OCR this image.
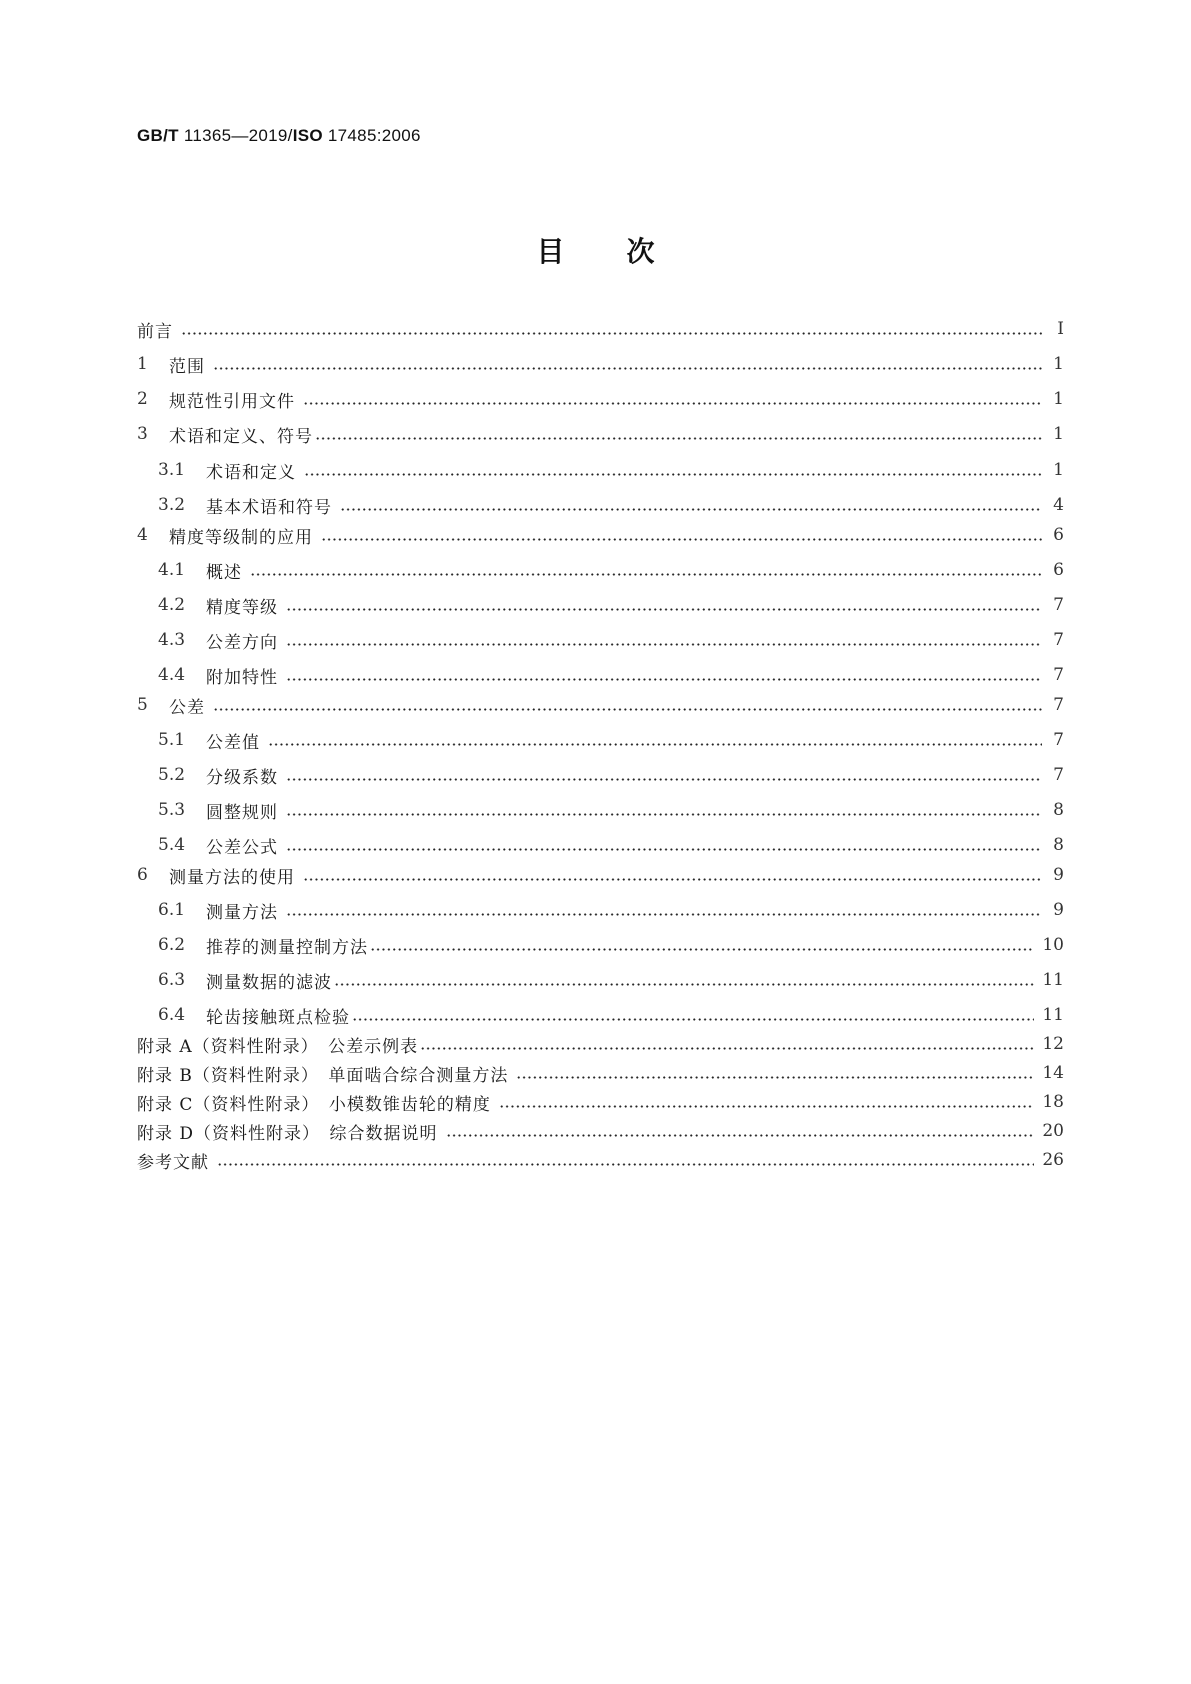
GB/T 11365—2019/ISO 17485:2006
目次
前言	Ⅰ
1	范围	1
2	规范性引用文件	1
3	术语和定义、符号	1
3.1	术语和定义	1
3.2	基本术语和符号	4
4	精度等级制的应用	6
4.1	概述	6
4.2	精度等级	7
4.3	公差方向	7
4.4	附加特性	7
5	公差	7
5.1	公差值	7
5.2	分级系数	7
5.3	圆整规则	8
5.4	公差公式	8
6	测量方法的使用	9
6.1	测量方法	9
6.2	推荐的测量控制方法	10
6.3	测量数据的滤波	11
6.4	轮齿接触斑点检验	11
附录 A（资料性附录）　公差示例表	12
附录 B（资料性附录）　单面啮合综合测量方法	14
附录 C（资料性附录）　小模数锥齿轮的精度	18
附录 D（资料性附录）　综合数据说明	20
参考文献	26
